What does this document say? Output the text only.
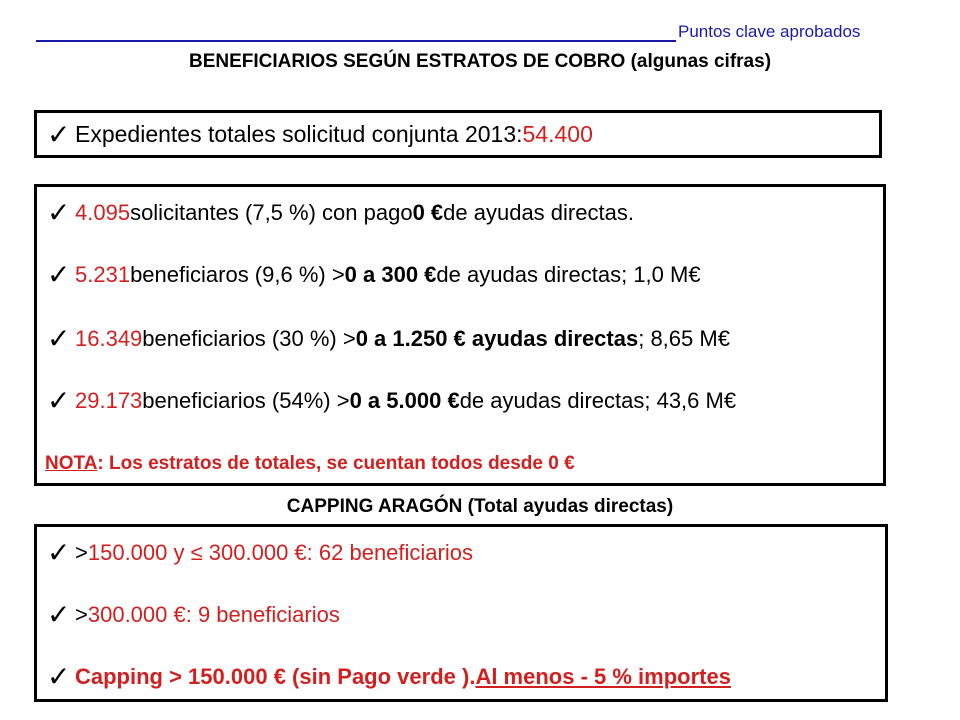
Puntos clave aprobados
BENEFICIARIOS SEGÚN ESTRATOS DE COBRO (algunas cifras)
✓ Expedientes totales solicitud conjunta 2013: 54.400
✓ 4.095 solicitantes (7,5 %) con pago 0 € de ayudas directas.
✓ 5.231 beneficiaros (9,6 %) > 0 a 300 € de ayudas directas; 1,0 M€
✓ 16.349 beneficiarios (30 %) > 0 a 1.250 € ayudas directas ; 8,65 M€
✓ 29.173 beneficiarios (54%) > 0 a 5.000 € de ayudas directas; 43,6 M€
NOTA : Los estratos de totales, se cuentan todos desde 0 €
CAPPING ARAGÓN (Total ayudas directas)
✓ > 150.000 y ≤ 300.000 €: 62 beneficiarios
✓ > 300.000 €: 9 beneficiarios
✓ Capping > 150.000 € (sin Pago verde ). Al menos - 5 % importes
